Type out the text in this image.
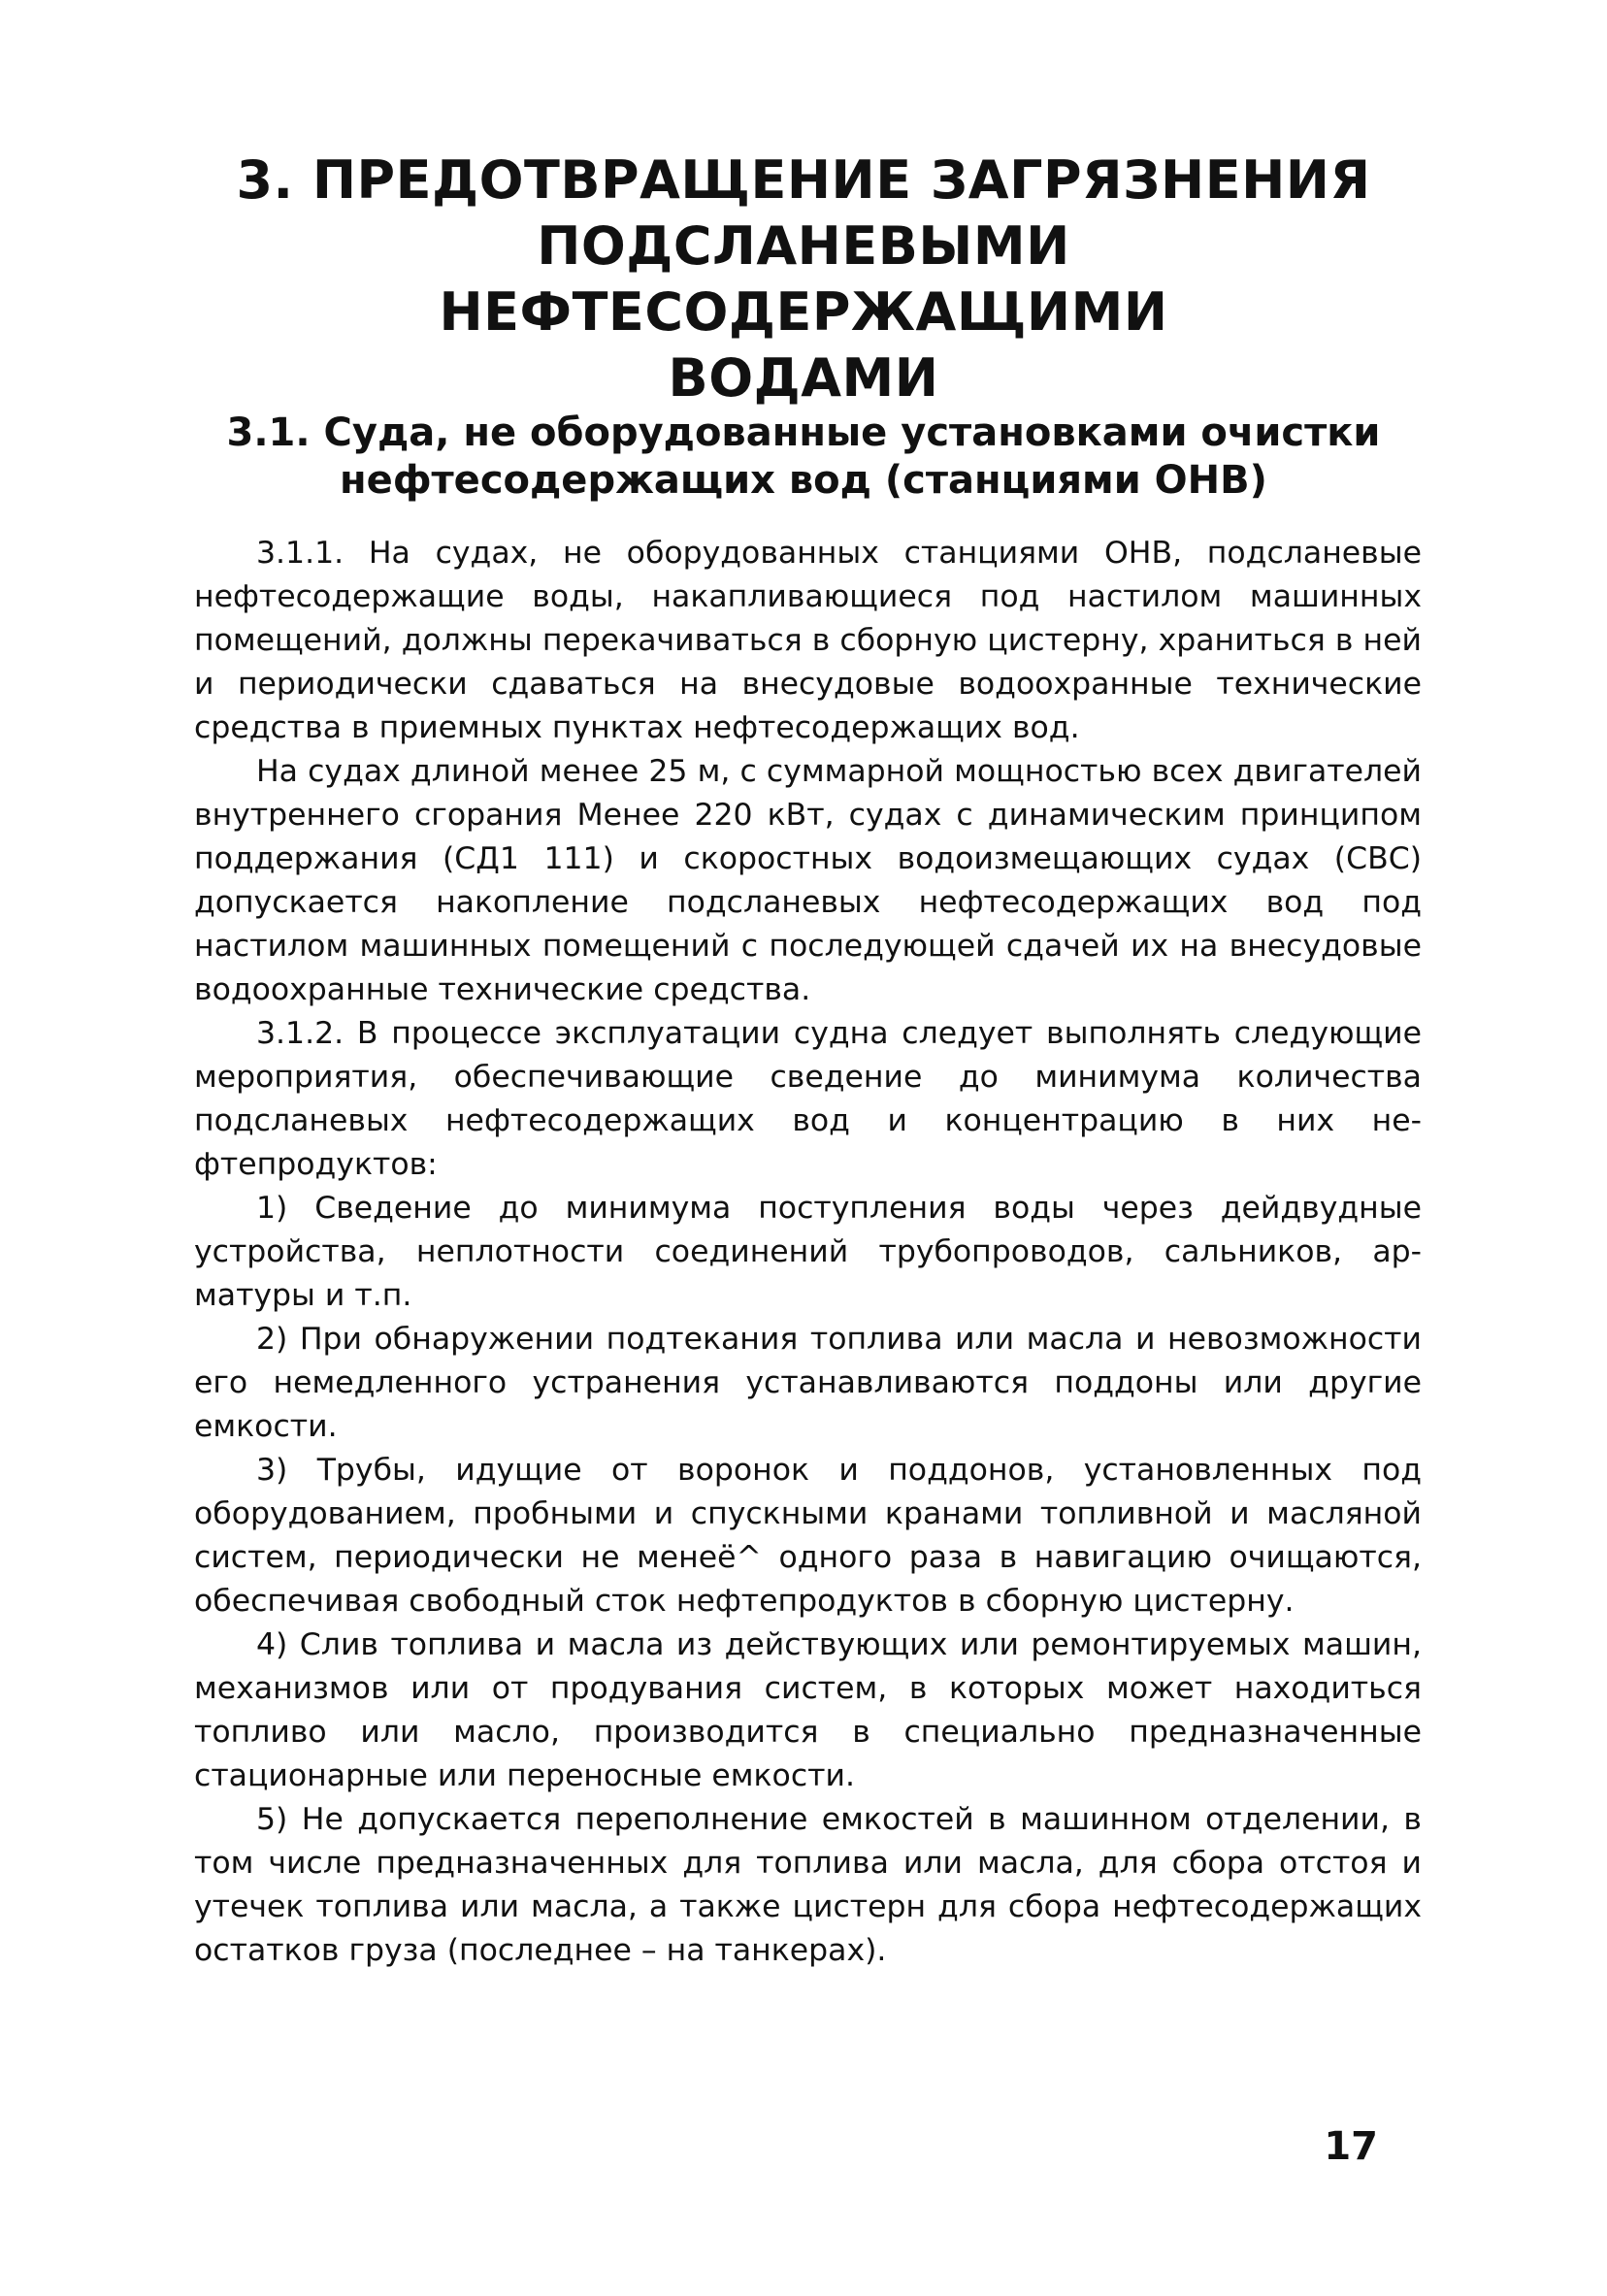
3. ПРЕДОТВРАЩЕНИЕ ЗАГРЯЗНЕНИЯ
ПОДСЛАНЕВЫМИ НЕФТЕСОДЕРЖАЩИМИ
ВОДАМИ
3.1. Суда, не оборудованные установками очистки
нефтесодержащих вод (станциями ОНВ)

3.1.1. На судах, не оборудованных станциями ОНВ, подсланевые нефтесодержащие воды, накапливающиеся под настилом машинных помещений, должны перекачиваться в сборную цистерну, храниться в ней и периодически сдаваться на внесудовые водоохранные технические средства в приемных пунктах нефтесодержащих вод.

На судах длиной менее 25 м, с суммарной мощностью всех двигателей внутреннего сгорания Менее 220 кВт, судах с динамическим принципом поддержания (СД1 111) и скоростных водоизмещающих судах (СВС) допускается накопление подсланевых нефтесодержащих вод под настилом машинных помещений с последующей сдачей их на внесудовые водоохранные технические средства.

3.1.2. В процессе эксплуатации судна следует выполнять следующие мероприятия, обеспечивающие сведение до минимума количества подсланевых нефтесодержащих вод и концентрацию в них нефтепродуктов:

1) Сведение до минимума поступления воды через дейдвудные устройства, неплотности соединений трубопроводов, сальников, арматуры и т.п.

2) При обнаружении подтекания топлива или масла и невозможности его немедленного устранения устанавливаются поддоны или другие емкости.

3) Трубы, идущие от воронок и поддонов, установленных под оборудованием, пробными и спускными кранами топливной и масляной систем, периодически не менеё^ одного раза в навигацию очищаются, обеспечивая свободный сток нефтепродуктов в сборную цистерну.

4) Слив топлива и масла из действующих или ремонтируемых машин, механизмов или от продувания систем, в которых может находиться топливо или масло, производится в специально предназначенные стационарные или переносные емкости.

5) Не допускается переполнение емкостей в машинном отделении, в том числе предназначенных для топлива или масла, для сбора отстоя и утечек топлива или масла, а также цистерн для сбора нефтесодержащих остатков груза (последнее – на танкерах).

17
